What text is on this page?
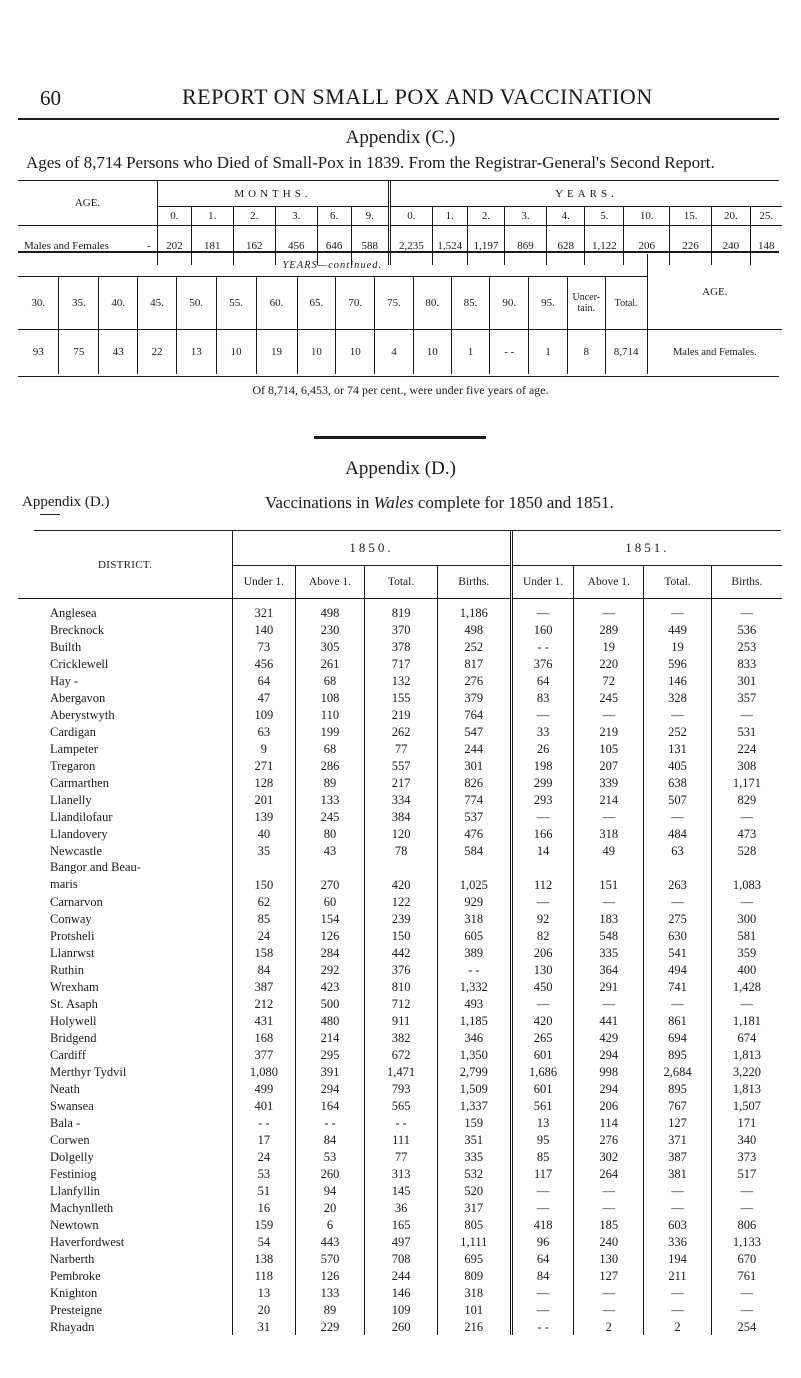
60	REPORT ON SMALL POX AND VACCINATION
Appendix (C.)
Ages of 8,714 Persons who Died of Small-Pox in 1839. From the Registrar-General's Second Report.
AGE.	MONTHS.						YEARS.									
	0.	1.	2.	3.	6.	9.	0.	1.	2.	3.	4.	5.	10.	15.	20.	25.
Males and Females -	202	181	162	456	646	588	2,235	1,524	1,197	869	628	1,122	206	226	240	148
YEARS—continued.																AGE.
30.	35.	40.	45.	50.	55.	60.	65.	70.	75.	80.	85.	90.	95.	Uncer- tain.	Total.	
93	75	43	22	13	10	19	10	10	4	10	1	- -	1	8	8,714	Males and Females.
Of 8,714, 6,453, or 74 per cent., were under five years of age.
Appendix (D.)
Appendix (D.)	Vaccinations in Wales complete for 1850 and 1851.
DISTRICT.	1850.				1851.			
	Under 1.	Above 1.	Total.	Births.	Under 1.	Above 1.	Total.	Births.

Anglesea	321	498	819	1,186	—	—	—	—
Brecknock	140	230	370	498	160	289	449	536
Builth	73	305	378	252	- -	19	19	253
Cricklewell	456	261	717	817	376	220	596	833
Hay -	64	68	132	276	64	72	146	301
Abergavon	47	108	155	379	83	245	328	357
Aberystwyth	109	110	219	764	—	—	—	—
Cardigan	63	199	262	547	33	219	252	531
Lampeter	9	68	77	244	26	105	131	224
Tregaron	271	286	557	301	198	207	405	308
Carmarthen	128	89	217	826	299	339	638	1,171
Llanelly	201	133	334	774	293	214	507	829
Llandilofaur	139	245	384	537	—	—	—	—
Llandovery	40	80	120	476	166	318	484	473
Newcastle	35	43	78	584	14	49	63	528
Bangor and Beau- maris	150	270	420	1,025	112	151	263	1,083
Carnarvon	62	60	122	929	—	—	—	—
Conway	85	154	239	318	92	183	275	300
Protsheli	24	126	150	605	82	548	630	581
Llanrwst	158	284	442	389	206	335	541	359
Ruthin	84	292	376	- -	130	364	494	400
Wrexham	387	423	810	1,332	450	291	741	1,428
St. Asaph	212	500	712	493	—	—	—	—
Holywell	431	480	911	1,185	420	441	861	1,181
Bridgend	168	214	382	346	265	429	694	674
Cardiff	377	295	672	1,350	601	294	895	1,813
Merthyr Tydvil	1,080	391	1,471	2,799	1,686	998	2,684	3,220
Neath	499	294	793	1,509	601	294	895	1,813
Swansea	401	164	565	1,337	561	206	767	1,507
Bala -	- -	- -	- -	159	13	114	127	171
Corwen	17	84	111	351	95	276	371	340
Dolgelly	24	53	77	335	85	302	387	373
Festiniog	53	260	313	532	117	264	381	517
Llanfyllin	51	94	145	520	—	—	—	—
Machynlleth	16	20	36	317	—	—	—	—
Newtown	159	6	165	805	418	185	603	806
Haverfordwest	54	443	497	1,111	96	240	336	1,133
Narberth	138	570	708	695	64	130	194	670
Pembroke	118	126	244	809	84	127	211	761
Knighton	13	133	146	318	—	—	—	—
Presteigne	20	89	109	101	—	—	—	—
Rhayadn	31	229	260	216	- -	2	2	254
